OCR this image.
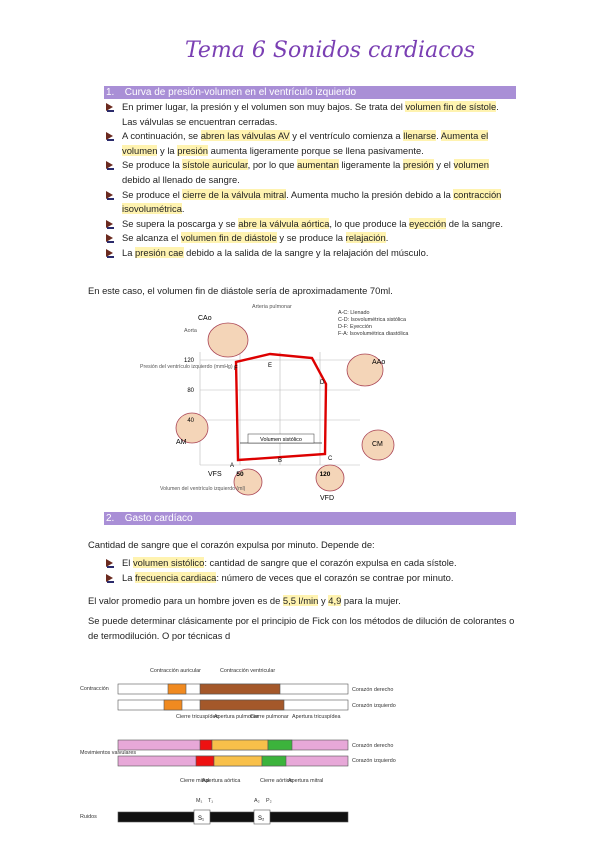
Tema 6 Sonidos cardiacos
1. Curva de presión-volumen en el ventrículo izquierdo
En primer lugar, la presión y el volumen son muy bajos. Se trata del volumen fin de sístole. Las válvulas se encuentran cerradas.
A continuación, se abren las válvulas AV y el ventrículo comienza a llenarse. Aumenta el volumen y la presión aumenta ligeramente porque se llena pasivamente.
Se produce la sístole auricular, por lo que aumentan ligeramente la presión y el volumen debido al llenado de sangre.
Se produce el cierre de la válvula mitral. Aumenta mucho la presión debido a la contracción isovolumétrica.
Se supera la poscarga y se abre la válvula aórtica, lo que produce la eyección de la sangre.
Se alcanza el volumen fin de diástole y se produce la relajación.
La presión cae debido a la salida de la sangre y la relajación del músculo.
En este caso, el volumen fin de diástole sería de aproximadamente 70ml.
Volumen sistólico
A
B	C
D
E
F
Presión del ventrículo izquierdo (mmHg)
Volumen del ventrículo izquierdo (ml)
120
80
40
50	120
CAo
Aorta
Arteria pulmonar
AAo
AM	CM
VFS
VFD
A-C: Llenado
C-D: Isovolumétrica sistólica
D-F: Eyección
F-A: Isovolumétrica diastólica
2. Gasto cardíaco
Cantidad de sangre que el corazón expulsa por minuto. Depende de:
El volumen sistólico: cantidad de sangre que el corazón expulsa en cada sístole.
La frecuencia cardiaca: número de veces que el corazón se contrae por minuto.
El valor promedio para un hombre joven es de 5,5 l/min y 4,9 para la mujer.
Se puede determinar clásicamente por el principio de Fick con los métodos de dilución de colorantes o de termodilución. O por técnicas d
Contracción auricular	Contracción ventricular
Contracción	Corazón derecho
Corazón izquierdo
Cierre tricuspídeo
Apertura pulmonar
Cierre pulmonar Apertura tricuspídea
Movimientos valvulares
Corazón derecho
Corazón izquierdo
Cierre mitral
Apertura aórtica	Cierre aórtico
Apertura mitral
Ruidos
M₁ T₁	A₂ P₂
S₁	S₂
